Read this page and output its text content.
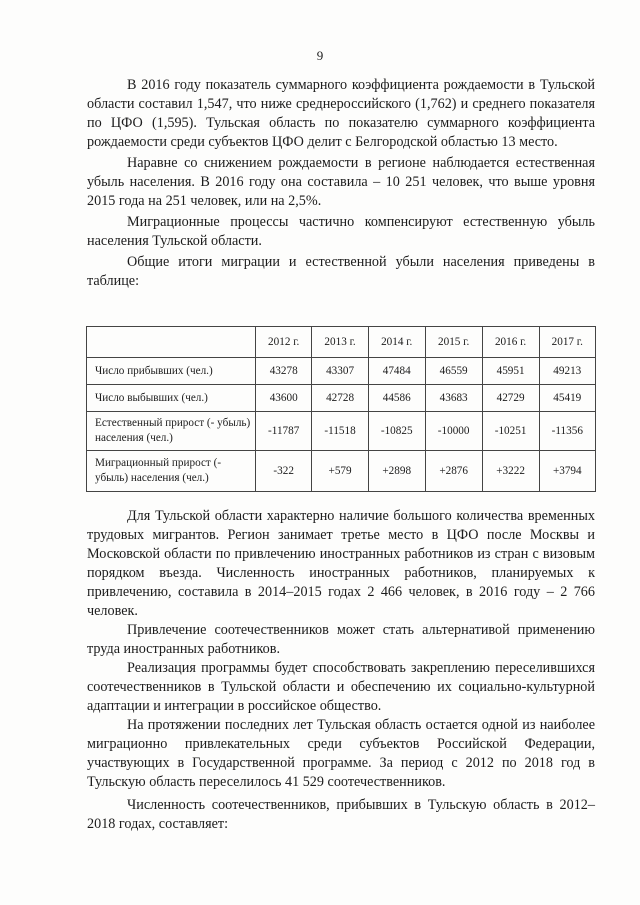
9

В 2016 году показатель суммарного коэффициента рождаемости в Тульской области составил 1,547, что ниже среднероссийского (1,762) и среднего показателя по ЦФО (1,595). Тульская область по показателю суммарного коэффициента рождаемости среди субъектов ЦФО делит с Белгородской областью 13 место.

Наравне со снижением рождаемости в регионе наблюдается естественная убыль населения. В 2016 году она составила – 10 251 человек, что выше уровня 2015 года на 251 человек, или на 2,5%.

Миграционные процессы частично компенсируют естественную убыль населения Тульской области.

Общие итоги миграции и естественной убыли населения приведены в таблице:

	2012 г.	2013 г.	2014 г.	2015 г.	2016 г.	2017 г.
Число прибывших (чел.)	43278	43307	47484	46559	45951	49213
Число выбывших (чел.)	43600	42728	44586	43683	42729	45419
Естественный прирост (- убыль) населения (чел.)	-11787	-11518	-10825	-10000	-10251	-11356
Миграционный прирост (- убыль) населения (чел.)	-322	+579	+2898	+2876	+3222	+3794

Для Тульской области характерно наличие большого количества временных трудовых мигрантов. Регион занимает третье место в ЦФО после Москвы и Московской области по привлечению иностранных работников из стран с визовым порядком въезда. Численность иностранных работников, планируемых к привлечению, составила в 2014–2015 годах 2 466 человек, в 2016 году – 2 766 человек.

Привлечение соотечественников может стать альтернативой применению труда иностранных работников.

Реализация программы будет способствовать закреплению переселившихся соотечественников в Тульской области и обеспечению их социально-культурной адаптации и интеграции в российское общество.

На протяжении последних лет Тульская область остается одной из наиболее миграционно привлекательных среди субъектов Российской Федерации, участвующих в Государственной программе. За период с 2012 по 2018 год в Тульскую область переселилось 41 529 соотечественников.

Численность соотечественников, прибывших в Тульскую область в 2012–2018 годах, составляет:
